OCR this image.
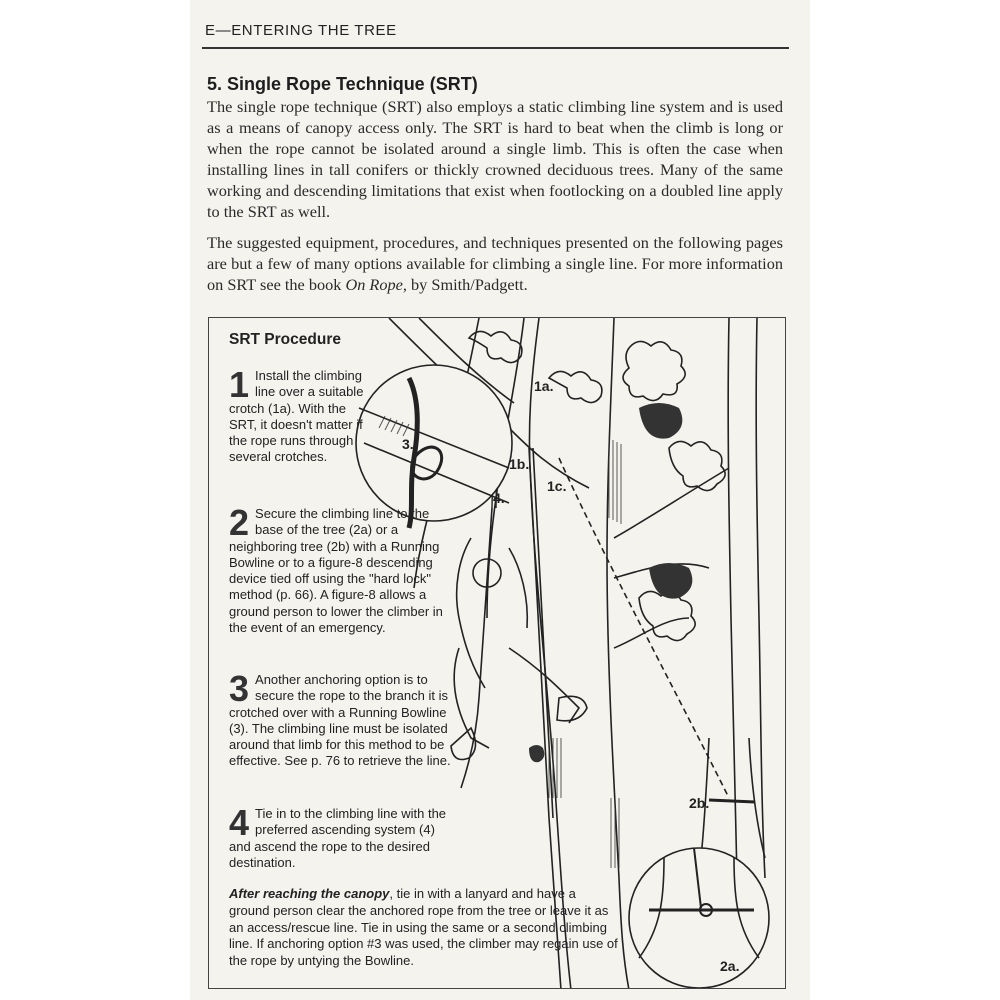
E—ENTERING THE TREE
5. Single Rope Technique (SRT)
The single rope technique (SRT) also employs a static climbing line system and is used as a means of canopy access only. The SRT is hard to beat when the climb is long or when the rope cannot be isolated around a single limb. This is often the case when installing lines in tall conifers or thickly crowned deciduous trees. Many of the same working and descending limitations that exist when footlocking on a doubled line apply to the SRT as well.
The suggested equipment, procedures, and techniques presented on the following pages are but a few of many options available for climbing a single line. For more information on SRT see the book On Rope, by Smith/Padgett.
1a.
1b.
1c.
3.
4.
2b.
2a.
SRT Procedure
1 Install the climbing line over a suitable crotch (1a). With the SRT, it doesn't matter if the rope runs through several crotches.
2 Secure the climbing line to the base of the tree (2a) or a neighboring tree (2b) with a Running Bowline or to a figure-8 descending device tied off using the "hard lock" method (p. 66). A figure-8 allows a ground person to lower the climber in the event of an emergency.
3 Another anchoring option is to secure the rope to the branch it is crotched over with a Running Bowline (3). The climbing line must be isolated around that limb for this method to be effective. See p. 76 to retrieve the line.
4 Tie in to the climbing line with the preferred ascending system (4) and ascend the rope to the desired destination.
After reaching the canopy, tie in with a lanyard and have a ground person clear the anchored rope from the tree or leave it as an access/rescue line. Tie in using the same or a second climbing line. If anchoring option #3 was used, the climber may regain use of the rope by untying the Bowline.
